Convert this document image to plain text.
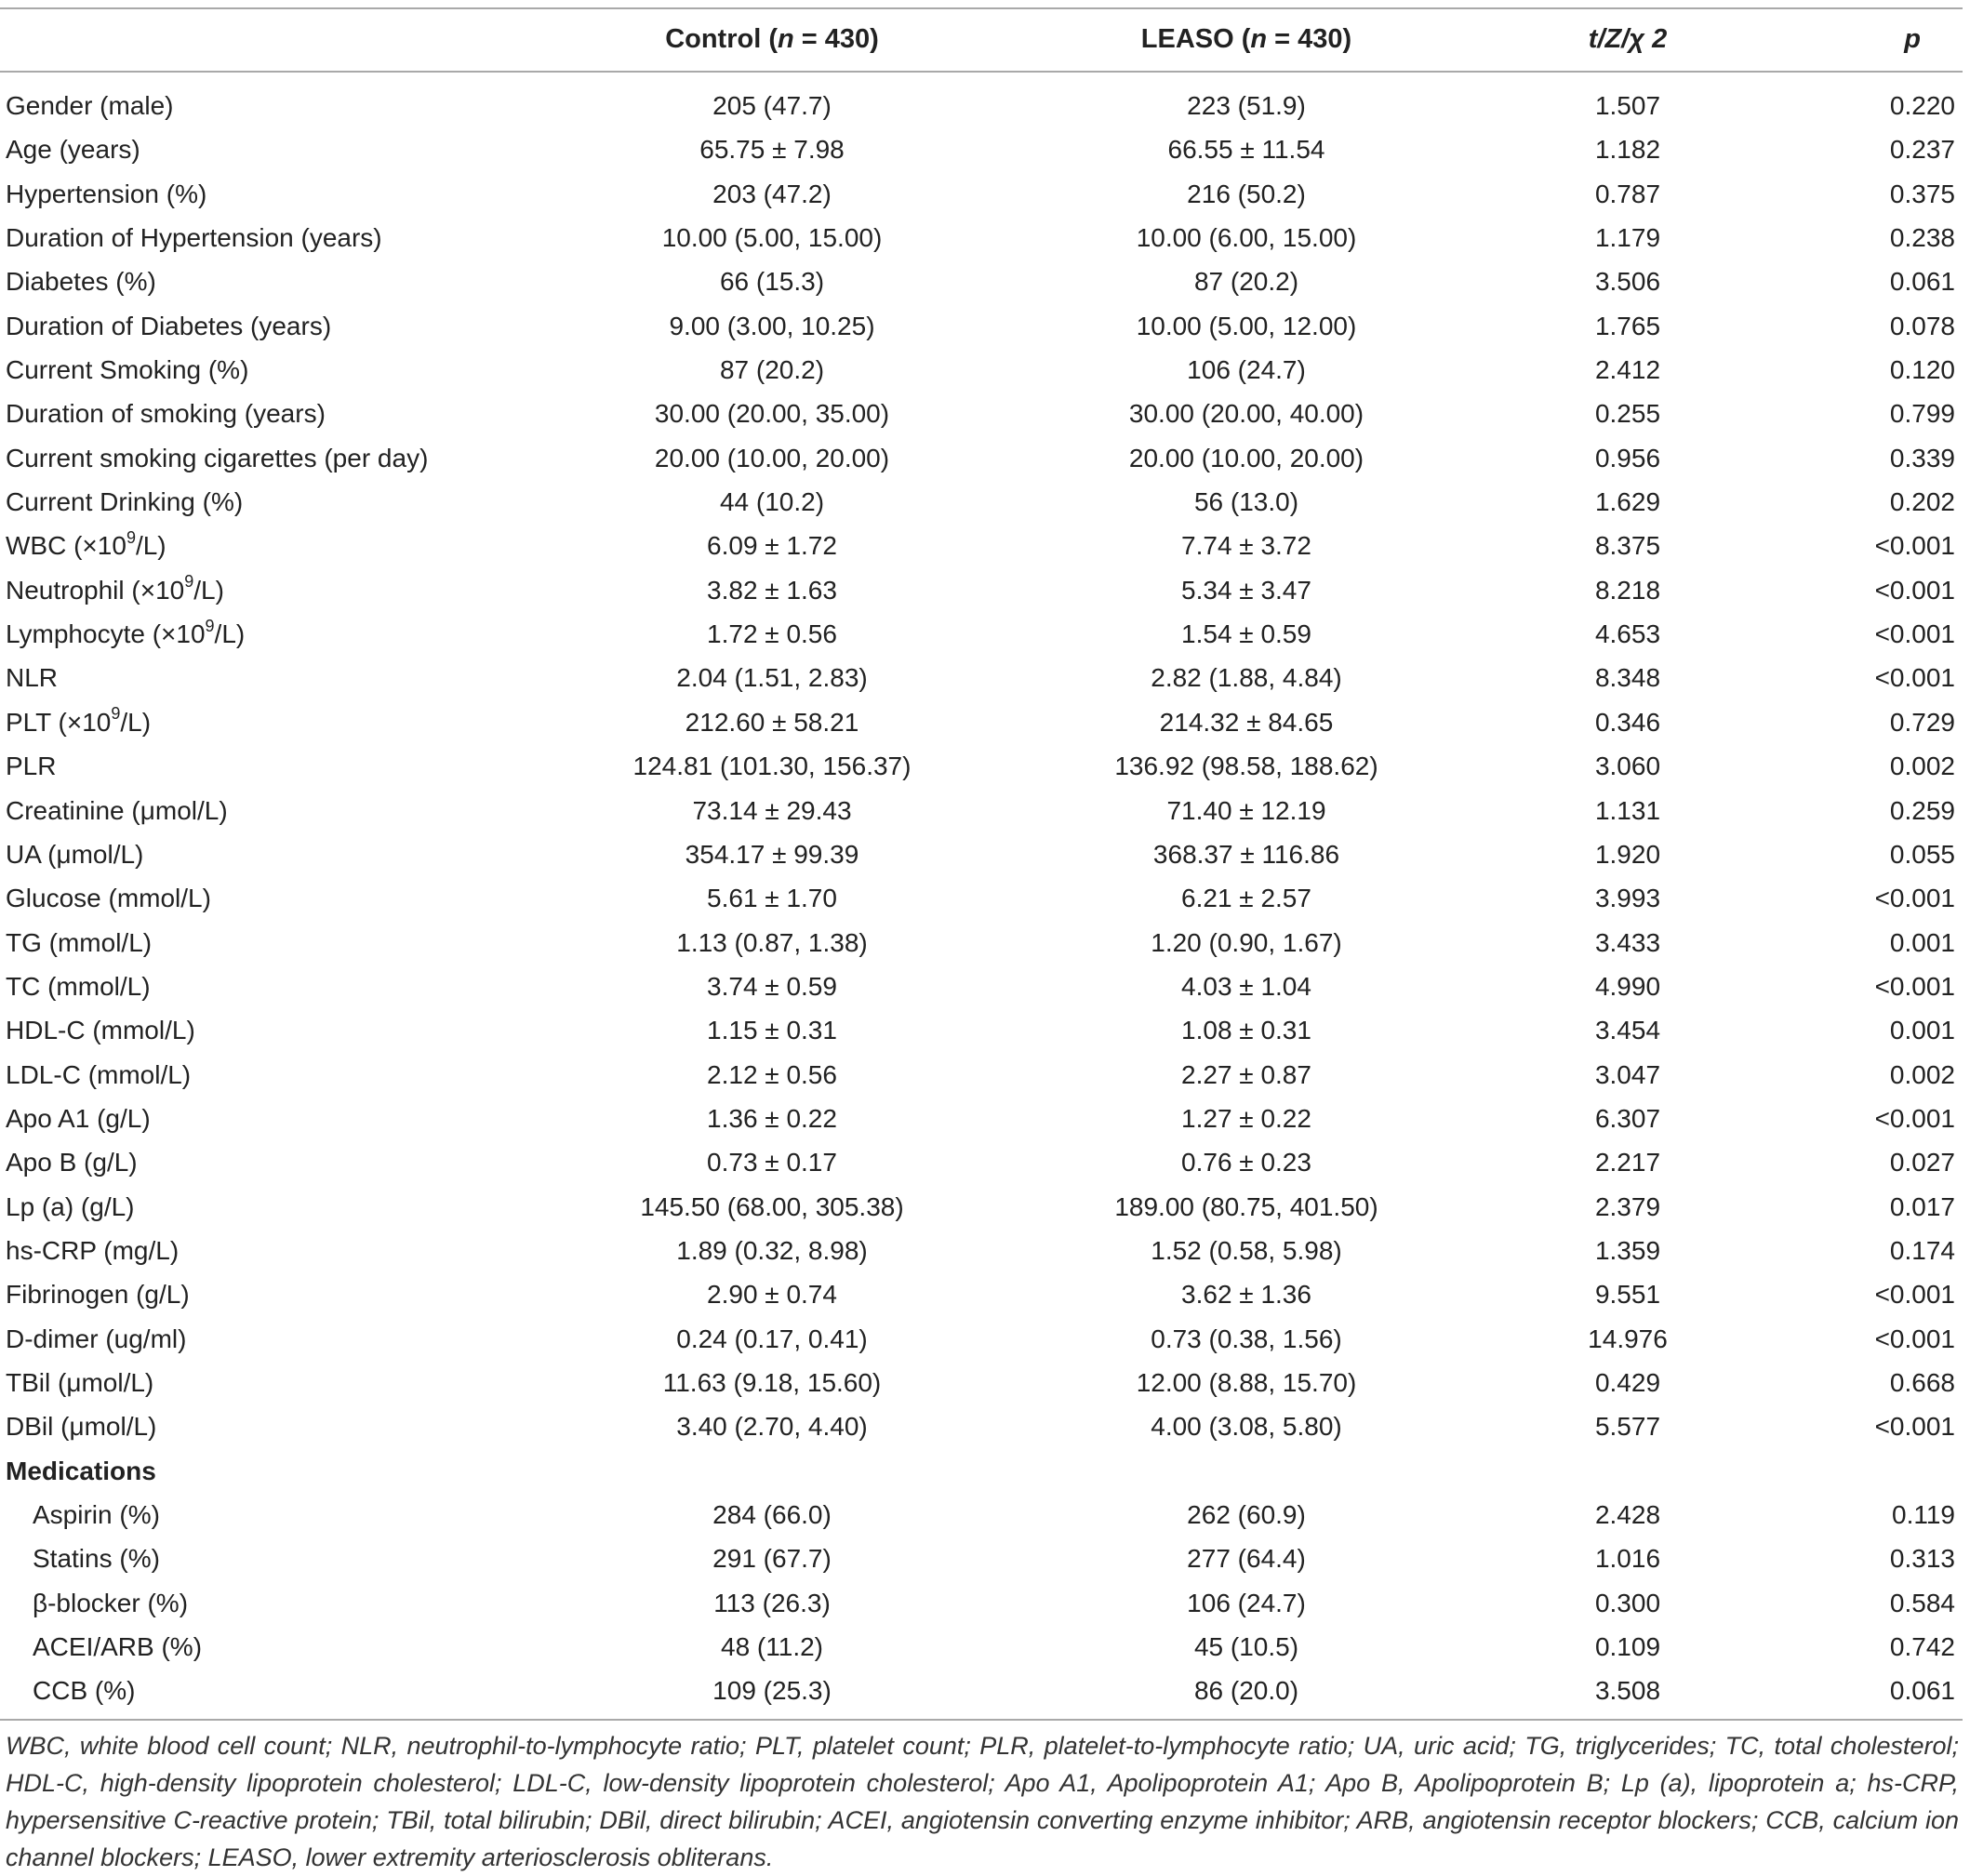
Control (n = 430)	LEASO (n = 430)	t/Z/χ 2	p
Gender (male)	205 (47.7)	223 (51.9)	1.507	0.220
Age (years)	65.75 ± 7.98	66.55 ± 11.54	1.182	0.237
Hypertension (%)	203 (47.2)	216 (50.2)	0.787	0.375
Duration of Hypertension (years)	10.00 (5.00, 15.00)	10.00 (6.00, 15.00)	1.179	0.238
Diabetes (%)	66 (15.3)	87 (20.2)	3.506	0.061
Duration of Diabetes (years)	9.00 (3.00, 10.25)	10.00 (5.00, 12.00)	1.765	0.078
Current Smoking (%)	87 (20.2)	106 (24.7)	2.412	0.120
Duration of smoking (years)	30.00 (20.00, 35.00)	30.00 (20.00, 40.00)	0.255	0.799
Current smoking cigarettes (per day)	20.00 (10.00, 20.00)	20.00 (10.00, 20.00)	0.956	0.339
Current Drinking (%)	44 (10.2)	56 (13.0)	1.629	0.202
WBC $(\times 10^9/L)$	6.09 ± 1.72	7.74 ± 3.72	8.375	<0.001
Neutrophil $(\times 10^9/L)$	3.82 ± 1.63	5.34 ± 3.47	8.218	<0.001
Lymphocyte $(\times 10^9/L)$	1.72 ± 0.56	1.54 ± 0.59	4.653	<0.001
NLR	2.04 (1.51, 2.83)	2.82 (1.88, 4.84)	8.348	<0.001
PLT $(\times 10^9/L)$	212.60 ± 58.21	214.32 ± 84.65	0.346	0.729
PLR	124.81 (101.30, 156.37)	136.92 (98.58, 188.62)	3.060	0.002
Creatinine (μmol/L)	73.14 ± 29.43	71.40 ± 12.19	1.131	0.259
UA (μmol/L)	354.17 ± 99.39	368.37 ± 116.86	1.920	0.055
Glucose (mmol/L)	5.61 ± 1.70	6.21 ± 2.57	3.993	<0.001
TG (mmol/L)	1.13 (0.87, 1.38)	1.20 (0.90, 1.67)	3.433	0.001
TC (mmol/L)	3.74 ± 0.59	4.03 ± 1.04	4.990	<0.001
HDL-C (mmol/L)	1.15 ± 0.31	1.08 ± 0.31	3.454	0.001
LDL-C (mmol/L)	2.12 ± 0.56	2.27 ± 0.87	3.047	0.002
Apo A1 (g/L)	1.36 ± 0.22	1.27 ± 0.22	6.307	<0.001
Apo B (g/L)	0.73 ± 0.17	0.76 ± 0.23	2.217	0.027
Lp (a) (g/L)	145.50 (68.00, 305.38)	189.00 (80.75, 401.50)	2.379	0.017
hs-CRP (mg/L)	1.89 (0.32, 8.98)	1.52 (0.58, 5.98)	1.359	0.174
Fibrinogen (g/L)	2.90 ± 0.74	3.62 ± 1.36	9.551	<0.001
D-dimer (ug/ml)	0.24 (0.17, 0.41)	0.73 (0.38, 1.56)	14.976	<0.001
TBil (μmol/L)	11.63 (9.18, 15.60)	12.00 (8.88, 15.70)	0.429	0.668
DBil (μmol/L)	3.40 (2.70, 4.40)	4.00 (3.08, 5.80)	5.577	<0.001
Medications
Aspirin (%)	284 (66.0)	262 (60.9)	2.428	0.119
Statins (%)	291 (67.7)	277 (64.4)	1.016	0.313
β-blocker (%)	113 (26.3)	106 (24.7)	0.300	0.584
ACEI/ARB (%)	48 (11.2)	45 (10.5)	0.109	0.742
CCB (%)	109 (25.3)	86 (20.0)	3.508	0.061
WBC, white blood cell count; NLR, neutrophil-to-lymphocyte ratio; PLT, platelet count; PLR, platelet-to-lymphocyte ratio; UA, uric acid; TG, triglycerides; TC, total cholesterol; HDL-C, high-density lipoprotein cholesterol; LDL-C, low-density lipoprotein cholesterol; Apo A1, Apolipoprotein A1; Apo B, Apolipoprotein B; Lp (a), lipoprotein a; hs-CRP, hypersensitive C-reactive protein; TBil, total bilirubin; DBil, direct bilirubin; ACEI, angiotensin converting enzyme inhibitor; ARB, angiotensin receptor blockers; CCB, calcium ion channel blockers; LEASO, lower extremity arteriosclerosis obliterans.
